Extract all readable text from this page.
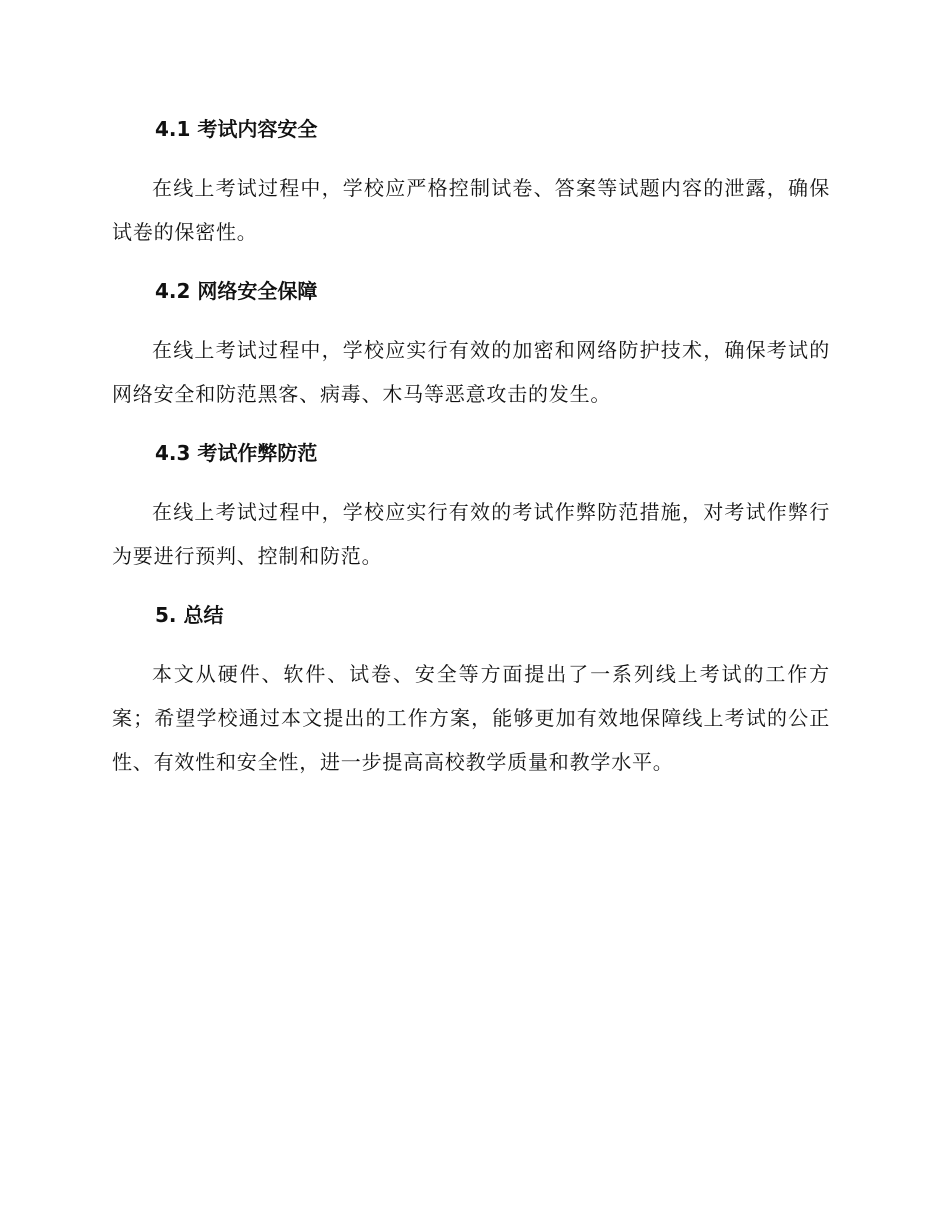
4.1 考试内容安全

在线上考试过程中，学校应严格控制试卷、答案等试题内容的泄露，确保试卷的保密性。

4.2 网络安全保障

在线上考试过程中，学校应实行有效的加密和网络防护技术，确保考试的网络安全和防范黑客、病毒、木马等恶意攻击的发生。

4.3 考试作弊防范

在线上考试过程中，学校应实行有效的考试作弊防范措施，对考试作弊行为要进行预判、控制和防范。

5. 总结

本文从硬件、软件、试卷、安全等方面提出了一系列线上考试的工作方案；希望学校通过本文提出的工作方案，能够更加有效地保障线上考试的公正性、有效性和安全性，进一步提高高校教学质量和教学水平。
